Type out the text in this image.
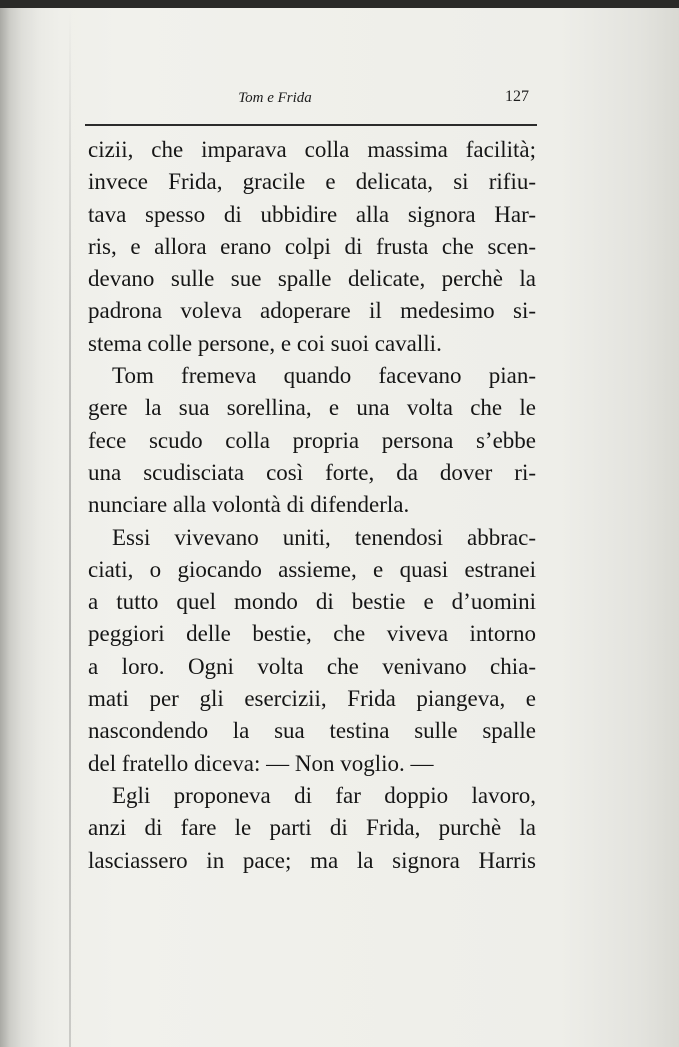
Tom e Frida	127
cizii, che imparava colla massima facilità;
invece Frida, gracile e delicata, si rifiu-
tava spesso di ubbidire alla signora Har-
ris, e allora erano colpi di frusta che scen-
devano sulle sue spalle delicate, perchè la
padrona voleva adoperare il medesimo si-
stema colle persone, e coi suoi cavalli.
Tom fremeva quando facevano pian-
gere la sua sorellina, e una volta che le
fece scudo colla propria persona s’ebbe
una scudisciata così forte, da dover ri-
nunciare alla volontà di difenderla.
Essi vivevano uniti, tenendosi abbrac-
ciati, o giocando assieme, e quasi estranei
a tutto quel mondo di bestie e d’uomini
peggiori delle bestie, che viveva intorno
a loro. Ogni volta che venivano chia-
mati per gli esercizii, Frida piangeva, e
nascondendo la sua testina sulle spalle
del fratello diceva: — Non voglio. —
Egli proponeva di far doppio lavoro,
anzi di fare le parti di Frida, purchè la
lasciassero in pace; ma la signora Harris
